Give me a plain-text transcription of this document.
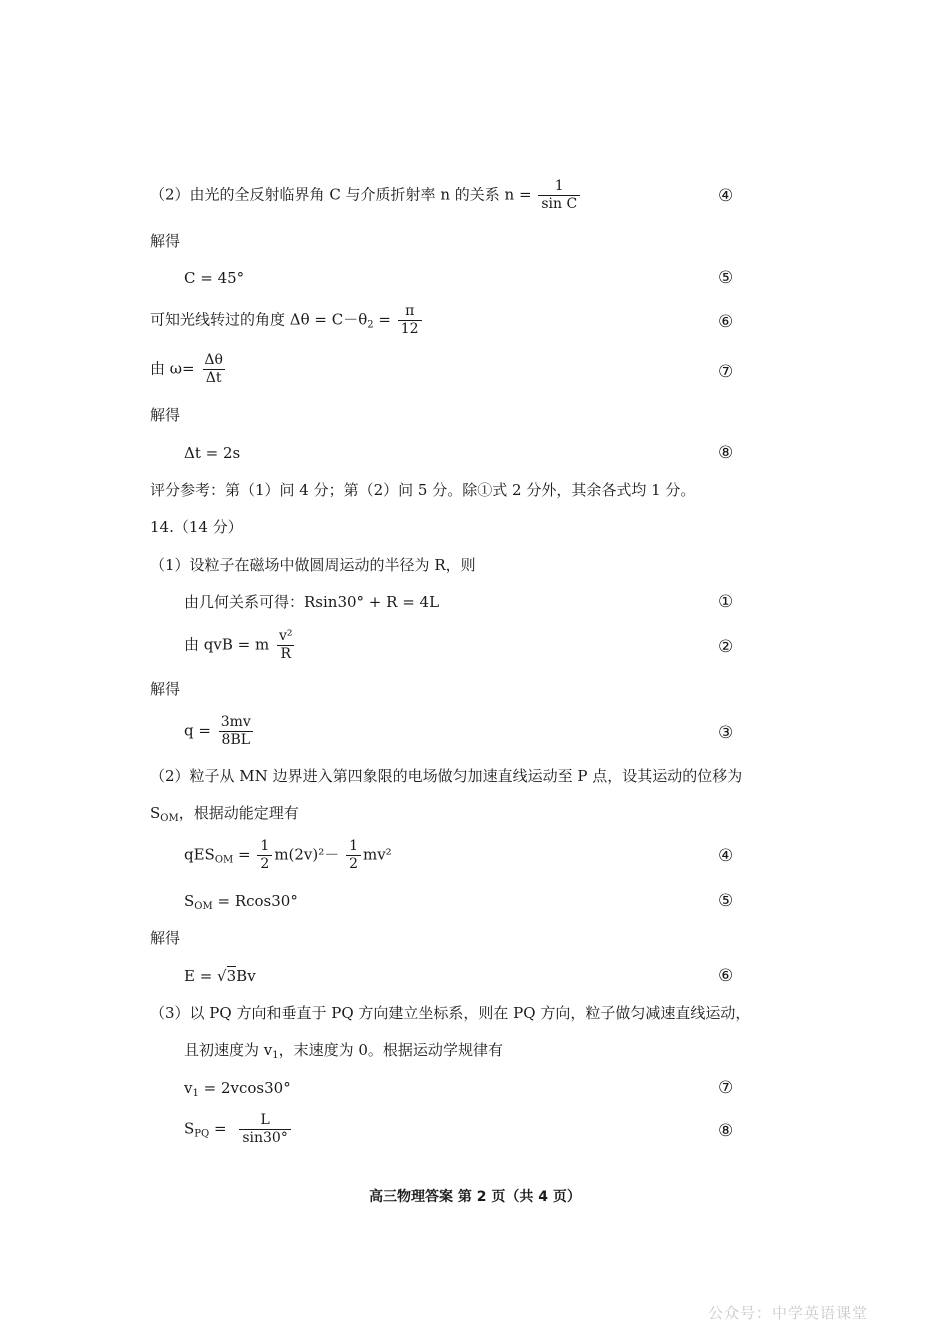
（2）由光的全反射临界角 C 与介质折射率 n 的关系 $n = \frac{1}{\text{sin C}}$	④
解得
C = 45°	⑤
可知光线转过的角度 $\Delta\theta = C-\theta_2 = \frac{\pi}{12}$	⑥
由 $\omega= \frac{\Delta\theta}{\Delta t}$	⑦
解得
Δt = 2s	⑧
评分参考：第（1）问 4 分；第（2）问 5 分。除①式 2 分外，其余各式均 1 分。
14.（14 分）
（1）设粒子在磁场中做圆周运动的半径为 R，则
由几何关系可得：Rsin30° + R = 4L	①
由 qvB = m $\frac{\text{v²}}{R}$	②
解得
$q = \frac{3mv}{8BL}$	③
（2）粒子从 MN 边界进入第四象限的电场做匀加速直线运动至 P 点，设其运动的位移为
$S_{OM}$，根据动能定理有
$qES_{OM} = \frac{1}{2} m(2v)^2- \frac{1}{2} mv^2$	④
$S_{OM} = Rcos30^\circ$	⑤
解得
E = √3Bv	⑥
（3）以 PQ 方向和垂直于 PQ 方向建立坐标系，则在 PQ 方向，粒子做匀减速直线运动，
且初速度为 $v_1$，末速度为 0。根据运动学规律有
$v_1 = 2vcos30^\circ$	⑦
$S_{PQ} = \frac{L}{\sin 30^\circ}$	⑧
高三物理答案 第 2 页（共 4 页）
公众号：中学英语课堂
